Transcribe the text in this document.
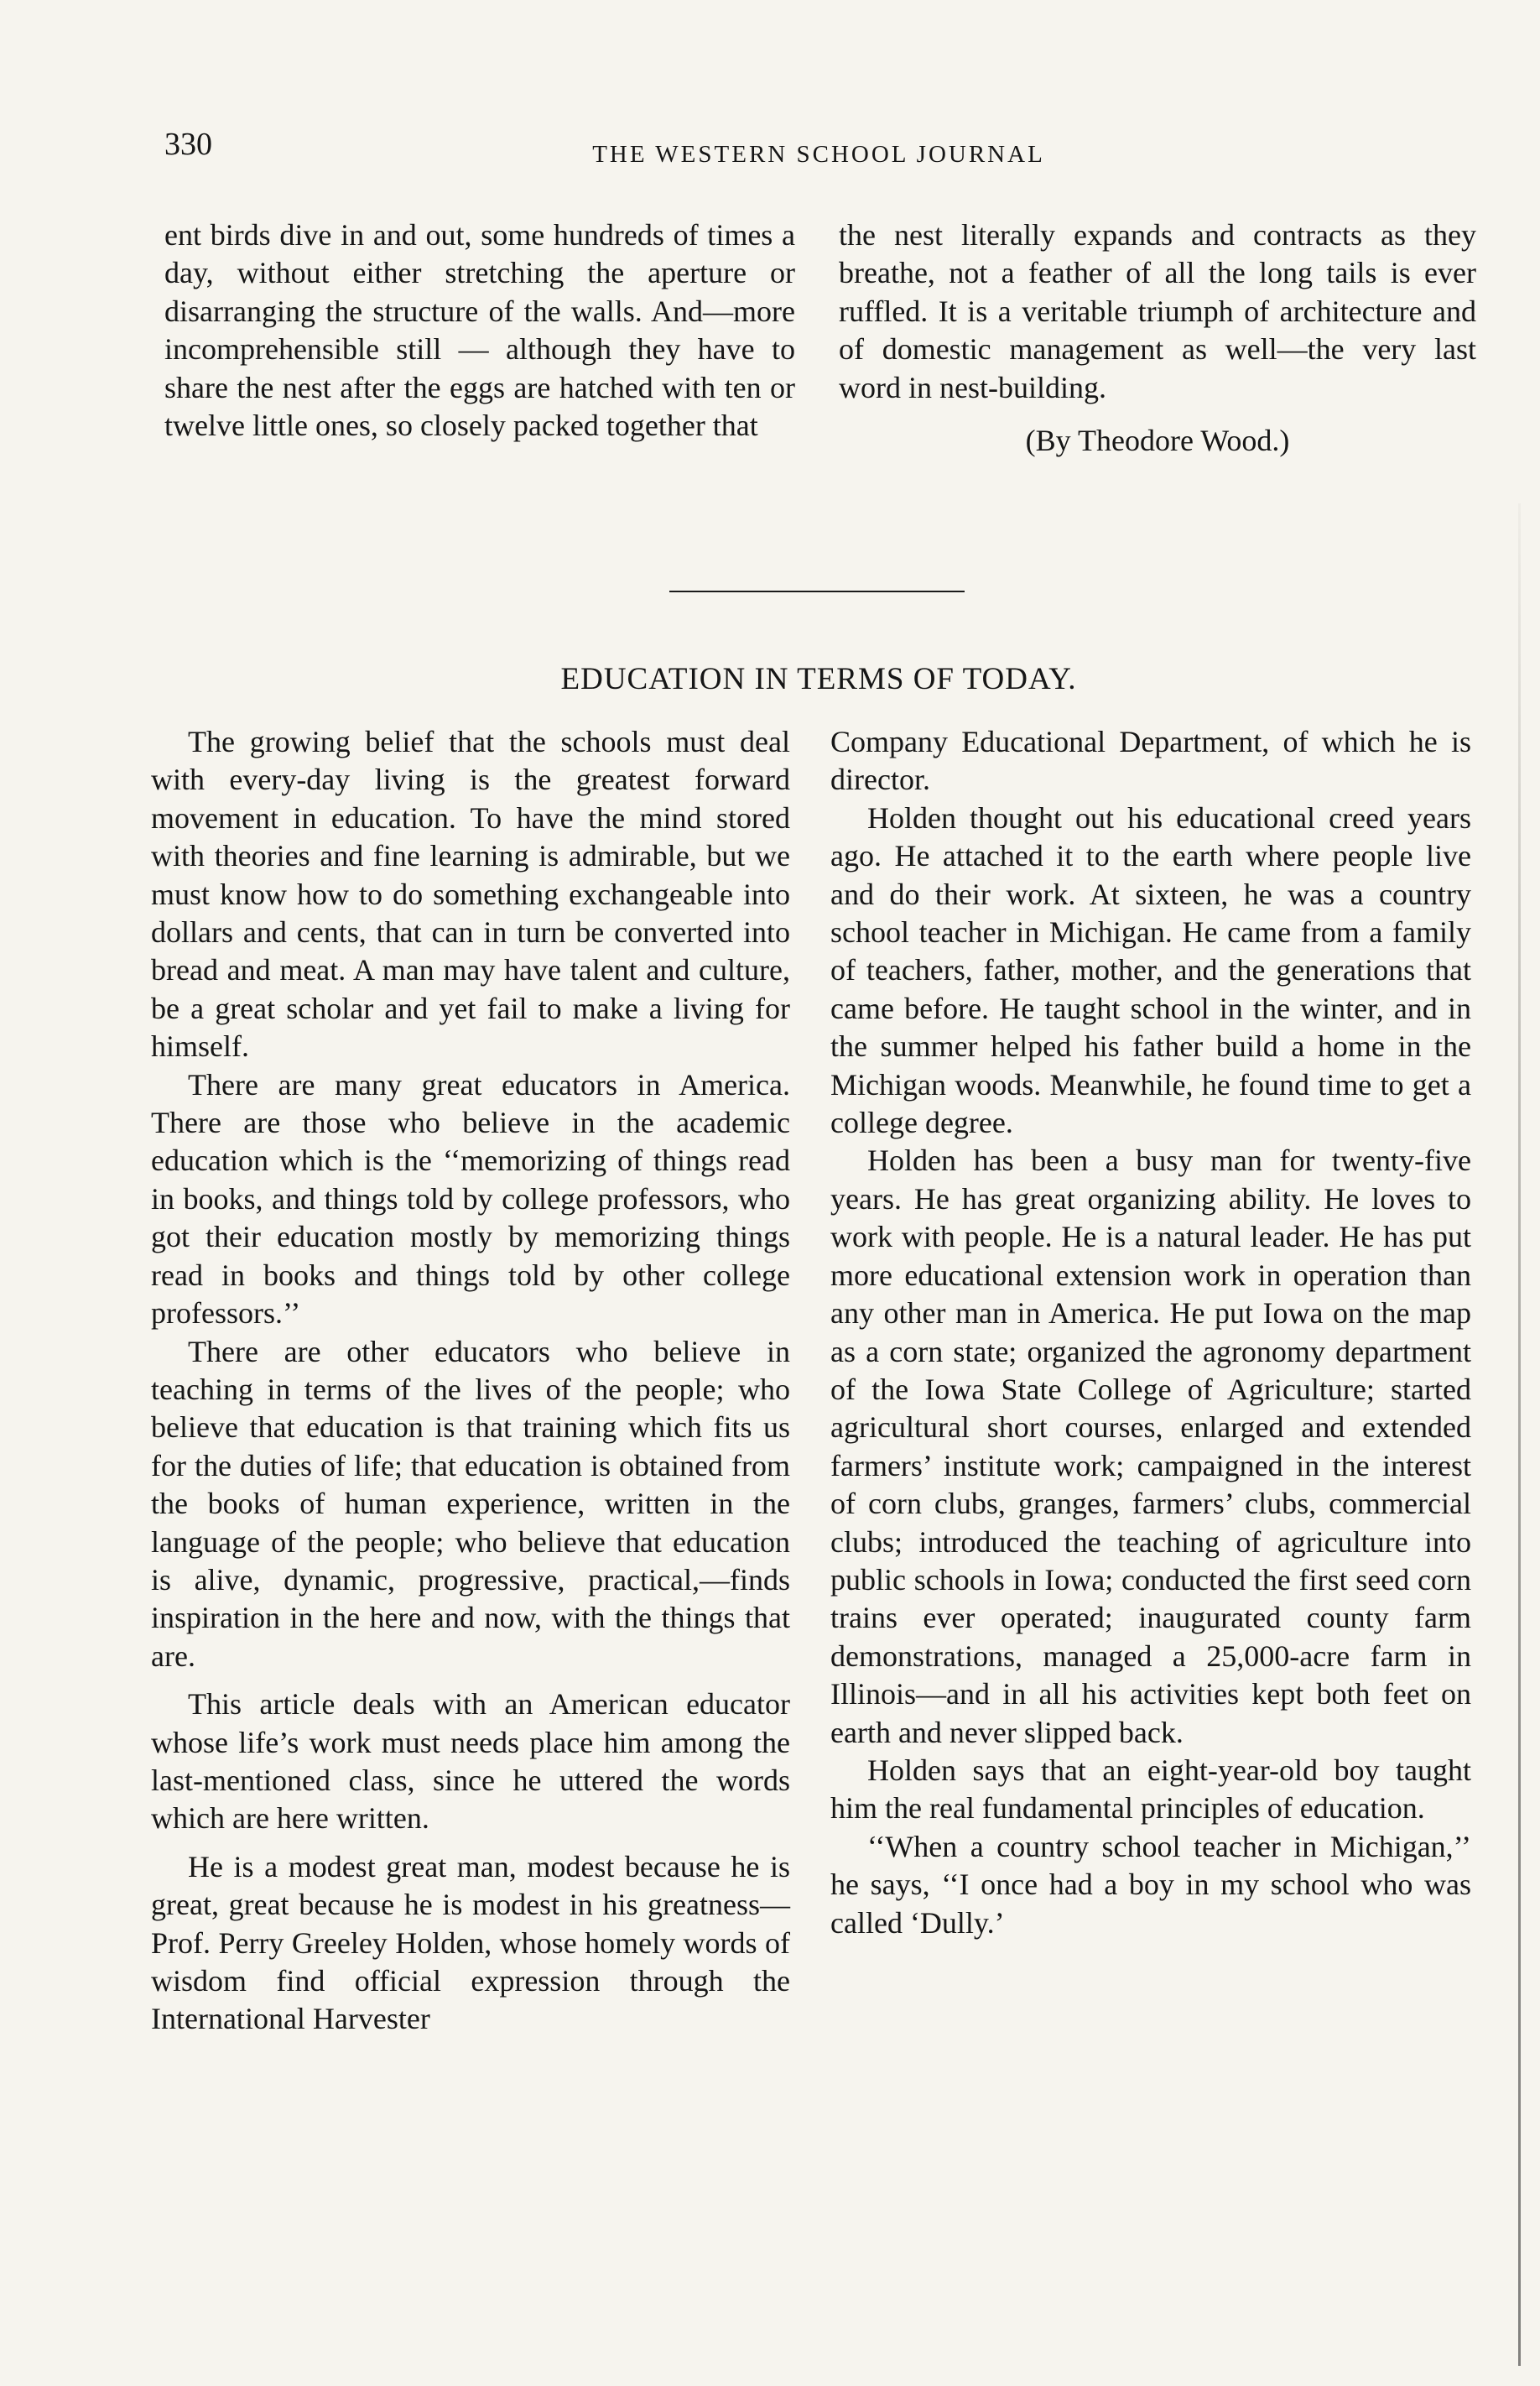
330	THE WESTERN SCHOOL JOURNAL

ent birds dive in and out, some hundreds of times a day, without either stretching the aperture or disarranging the structure of the walls. And—more incomprehensible still — although they have to share the nest after the eggs are hatched with ten or twelve little ones, so closely packed together that

the nest literally expands and contracts as they breathe, not a feather of all the long tails is ever ruffled. It is a veritable triumph of architecture and of domestic management as well—the very last word in nest-building.

(By Theodore Wood.)

EDUCATION IN TERMS OF TODAY.

The growing belief that the schools must deal with every-day living is the greatest forward movement in education. To have the mind stored with theories and fine learning is admirable, but we must know how to do something exchangeable into dollars and cents, that can in turn be converted into bread and meat. A man may have talent and culture, be a great scholar and yet fail to make a living for himself.

There are many great educators in America. There are those who believe in the academic education which is the ‘‘memorizing of things read in books, and things told by college professors, who got their education mostly by memorizing things read in books and things told by other college professors.’’

There are other educators who believe in teaching in terms of the lives of the people; who believe that education is that training which fits us for the duties of life; that education is obtained from the books of human experience, written in the language of the people; who believe that education is alive, dynamic, progressive, practical,—finds inspiration in the here and now, with the things that are.

This article deals with an American educator whose life’s work must needs place him among the last-mentioned class, since he uttered the words which are here written.

He is a modest great man, modest because he is great, great because he is modest in his greatness—Prof. Perry Greeley Holden, whose homely words of wisdom find official expression through the International Harvester

Company Educational Department, of which he is director.

Holden thought out his educational creed years ago. He attached it to the earth where people live and do their work. At sixteen, he was a country school teacher in Michigan. He came from a family of teachers, father, mother, and the generations that came before. He taught school in the winter, and in the summer helped his father build a home in the Michigan woods. Meanwhile, he found time to get a college degree.

Holden has been a busy man for twenty-five years. He has great organizing ability. He loves to work with people. He is a natural leader. He has put more educational extension work in operation than any other man in America. He put Iowa on the map as a corn state; organized the agronomy department of the Iowa State College of Agriculture; started agricultural short courses, enlarged and extended farmers’ institute work; campaigned in the interest of corn clubs, granges, farmers’ clubs, commercial clubs; introduced the teaching of agriculture into public schools in Iowa; conducted the first seed corn trains ever operated; inaugurated county farm demonstrations, managed a 25,000-acre farm in Illinois—and in all his activities kept both feet on earth and never slipped back.

Holden says that an eight-year-old boy taught him the real fundamental principles of education.

‘‘When a country school teacher in Michigan,’’ he says, ‘‘I once had a boy in my school who was called ‘Dully.’
